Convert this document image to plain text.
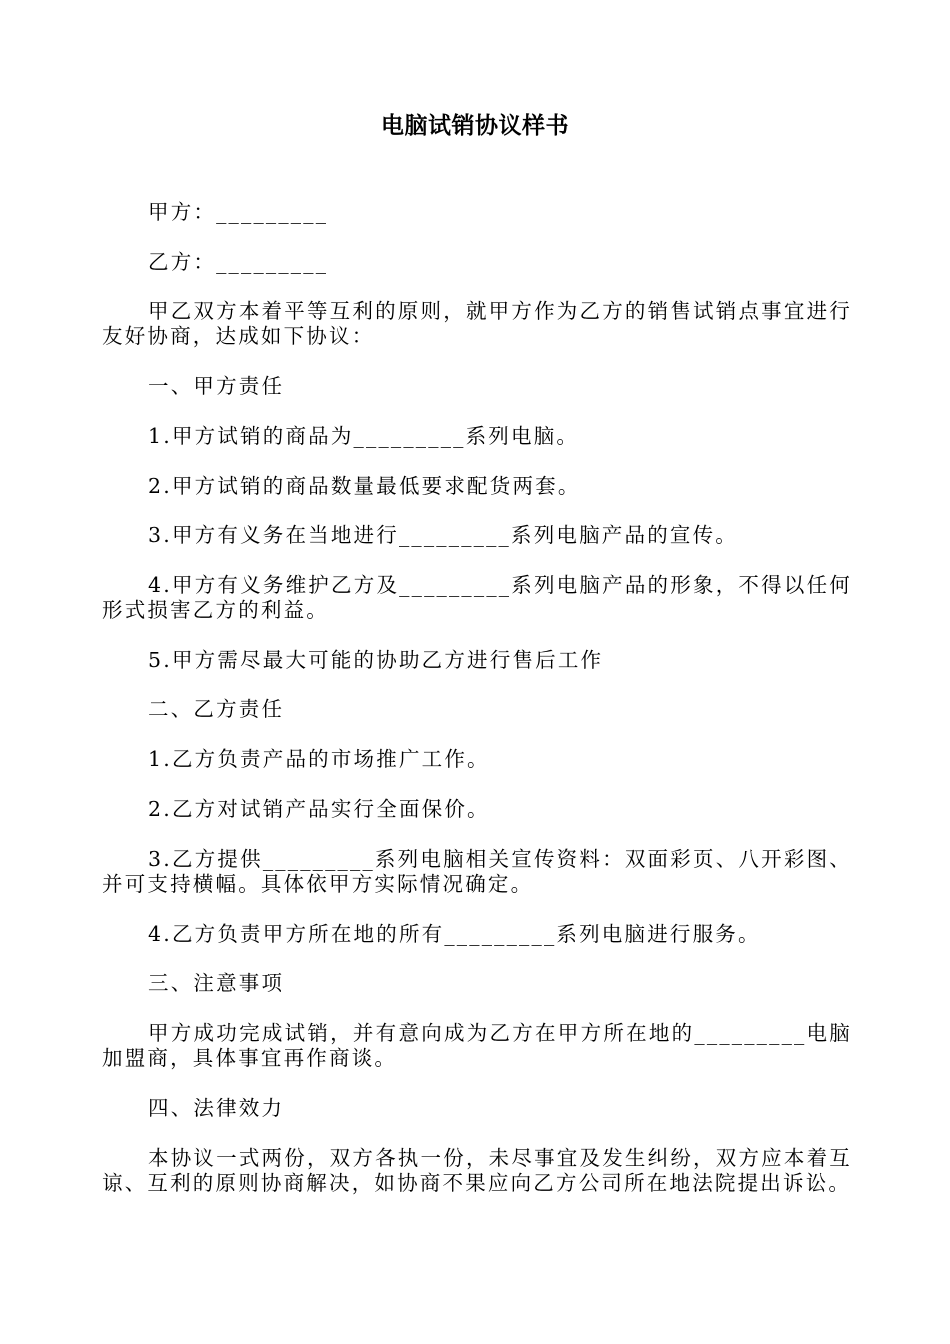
电脑试销协议样书
甲方：_________
乙方：_________
甲乙双方本着平等互利的原则，就甲方作为乙方的销售试销点事宜进行友好协商，达成如下协议：
一、甲方责任
1.甲方试销的商品为_________系列电脑。
2.甲方试销的商品数量最低要求配货两套。
3.甲方有义务在当地进行_________系列电脑产品的宣传。
4.甲方有义务维护乙方及_________系列电脑产品的形象，不得以任何形式损害乙方的利益。
5.甲方需尽最大可能的协助乙方进行售后工作
二、乙方责任
1.乙方负责产品的市场推广工作。
2.乙方对试销产品实行全面保价。
3.乙方提供_________系列电脑相关宣传资料：双面彩页、八开彩图、并可支持横幅。具体依甲方实际情况确定。
4.乙方负责甲方所在地的所有_________系列电脑进行服务。
三、注意事项
甲方成功完成试销，并有意向成为乙方在甲方所在地的_________电脑加盟商，具体事宜再作商谈。
四、法律效力
本协议一式两份，双方各执一份，未尽事宜及发生纠纷，双方应本着互谅、互利的原则协商解决，如协商不果应向乙方公司所在地法院提出诉讼。
